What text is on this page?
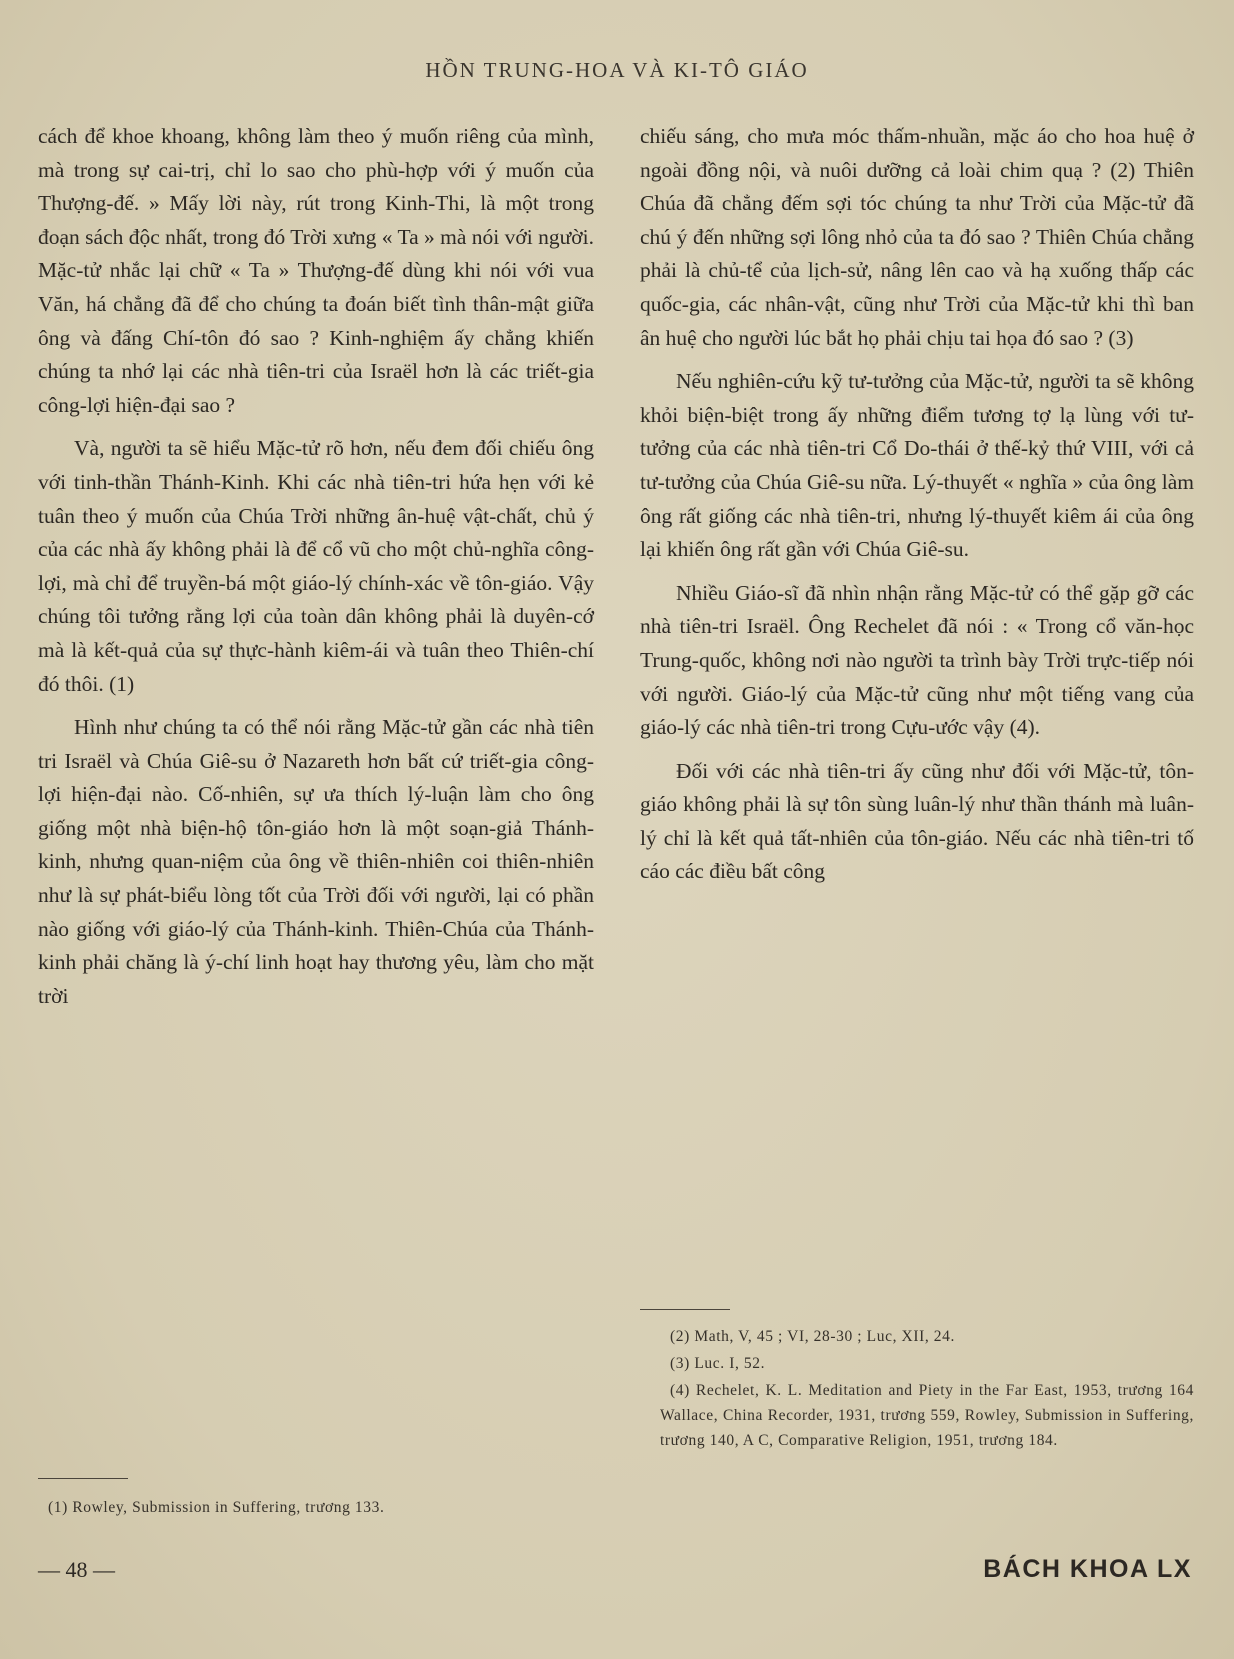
HỒN TRUNG-HOA VÀ KI-TÔ GIÁO

cách để khoe khoang, không làm theo ý muốn riêng của mình, mà trong sự cai-trị, chỉ lo sao cho phù-hợp với ý muốn của Thượng-đế. » Mấy lời này, rút trong Kinh-Thi, là một trong đoạn sách độc nhất, trong đó Trời xưng « Ta » mà nói với người. Mặc-tử nhắc lại chữ « Ta » Thượng-đế dùng khi nói với vua Văn, há chẳng đã để cho chúng ta đoán biết tình thân-mật giữa ông và đấng Chí-tôn đó sao ? Kinh-nghiệm ấy chẳng khiến chúng ta nhớ lại các nhà tiên-tri của Israël hơn là các triết-gia công-lợi hiện-đại sao ?

Và, người ta sẽ hiểu Mặc-tử rõ hơn, nếu đem đối chiếu ông với tinh-thần Thánh-Kinh. Khi các nhà tiên-tri hứa hẹn với kẻ tuân theo ý muốn của Chúa Trời những ân-huệ vật-chất, chủ ý của các nhà ấy không phải là để cổ vũ cho một chủ-nghĩa công-lợi, mà chỉ để truyền-bá một giáo-lý chính-xác về tôn-giáo. Vậy chúng tôi tưởng rằng lợi của toàn dân không phải là duyên-cớ mà là kết-quả của sự thực-hành kiêm-ái và tuân theo Thiên-chí đó thôi. (1)

Hình như chúng ta có thể nói rằng Mặc-tử gần các nhà tiên tri Israël và Chúa Giê-su ở Nazareth hơn bất cứ triết-gia công-lợi hiện-đại nào. Cố-nhiên, sự ưa thích lý-luận làm cho ông giống một nhà biện-hộ tôn-giáo hơn là một soạn-giả Thánh-kinh, nhưng quan-niệm của ông về thiên-nhiên coi thiên-nhiên như là sự phát-biểu lòng tốt của Trời đối với người, lại có phần nào giống với giáo-lý của Thánh-kinh. Thiên-Chúa của Thánh-kinh phải chăng là ý-chí linh hoạt hay thương yêu, làm cho mặt trời

chiếu sáng, cho mưa móc thấm-nhuần, mặc áo cho hoa huệ ở ngoài đồng nội, và nuôi dưỡng cả loài chim quạ ? (2) Thiên Chúa đã chẳng đếm sợi tóc chúng ta như Trời của Mặc-tử đã chú ý đến những sợi lông nhỏ của ta đó sao ? Thiên Chúa chẳng phải là chủ-tể của lịch-sử, nâng lên cao và hạ xuống thấp các quốc-gia, các nhân-vật, cũng như Trời của Mặc-tử khi thì ban ân huệ cho người lúc bắt họ phải chịu tai họa đó sao ? (3)

Nếu nghiên-cứu kỹ tư-tưởng của Mặc-tử, người ta sẽ không khỏi biện-biệt trong ấy những điểm tương tợ lạ lùng với tư-tưởng của các nhà tiên-tri Cổ Do-thái ở thế-kỷ thứ VIII, với cả tư-tưởng của Chúa Giê-su nữa. Lý-thuyết « nghĩa » của ông làm ông rất giống các nhà tiên-tri, nhưng lý-thuyết kiêm ái của ông lại khiến ông rất gần với Chúa Giê-su.

Nhiều Giáo-sĩ đã nhìn nhận rằng Mặc-tử có thể gặp gỡ các nhà tiên-tri Israël. Ông Rechelet đã nói : « Trong cổ văn-học Trung-quốc, không nơi nào người ta trình bày Trời trực-tiếp nói với người. Giáo-lý của Mặc-tử cũng như một tiếng vang của giáo-lý các nhà tiên-tri trong Cựu-ước vậy (4).

Đối với các nhà tiên-tri ấy cũng như đối với Mặc-tử, tôn-giáo không phải là sự tôn sùng luân-lý như thần thánh mà luân-lý chỉ là kết quả tất-nhiên của tôn-giáo. Nếu các nhà tiên-tri tố cáo các điều bất công

(1) Rowley, Submission in Suffering, trương 133.

(2) Math, V, 45 ; VI, 28-30 ; Luc, XII, 24.

(3) Luc. I, 52.

(4) Rechelet, K. L. Meditation and Piety in the Far East, 1953, trương 164 Wallace, China Recorder, 1931, trương 559, Rowley, Submission in Suffering, trương 140, A C, Comparative Religion, 1951, trương 184.

— 48 —	BÁCH KHOA LX
